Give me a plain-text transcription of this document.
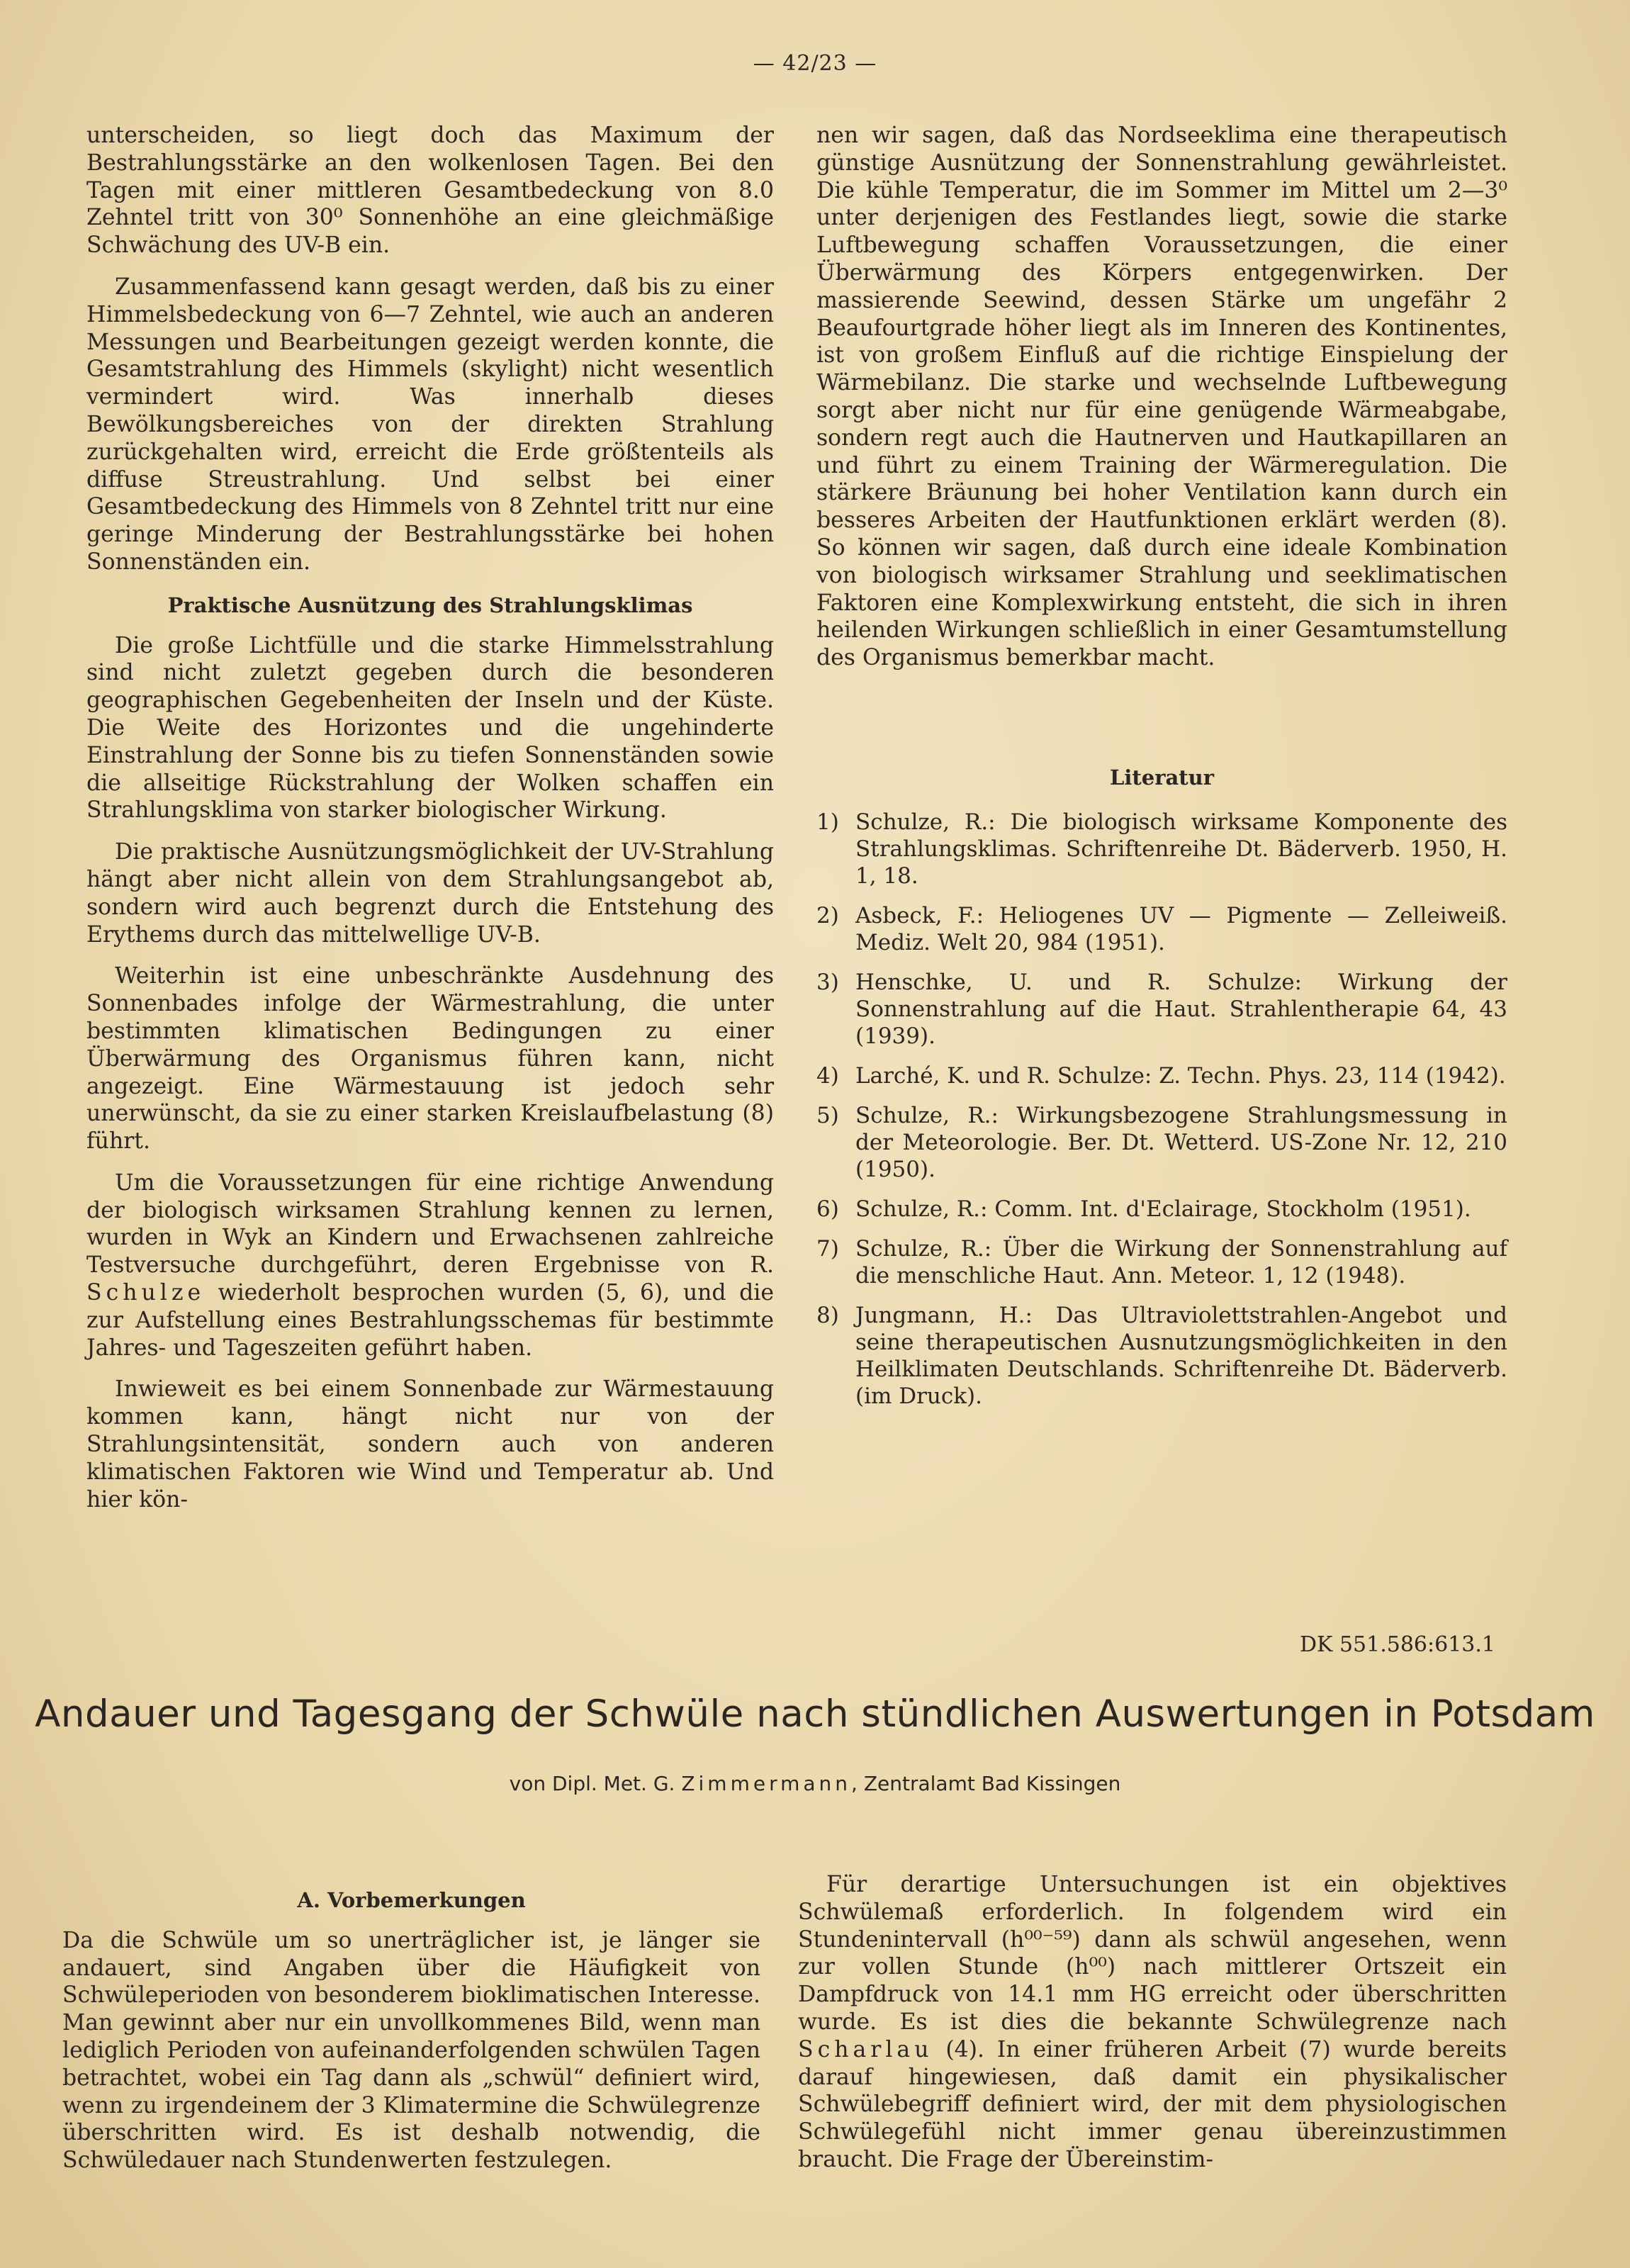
— 42/23 —

unterscheiden, so liegt doch das Maximum der Bestrahlungsstärke an den wolkenlosen Tagen. Bei den Tagen mit einer mittleren Gesamtbedeckung von 8.0 Zehntel tritt von 30⁰ Sonnenhöhe an eine gleichmäßige Schwächung des UV-B ein.

Zusammenfassend kann gesagt werden, daß bis zu einer Himmelsbedeckung von 6—7 Zehntel, wie auch an anderen Messungen und Bearbeitungen gezeigt werden konnte, die Gesamtstrahlung des Himmels (skylight) nicht wesentlich vermindert wird. Was innerhalb dieses Bewölkungsbereiches von der direkten Strahlung zurückgehalten wird, erreicht die Erde größtenteils als diffuse Streustrahlung. Und selbst bei einer Gesamtbedeckung des Himmels von 8 Zehntel tritt nur eine geringe Minderung der Bestrahlungsstärke bei hohen Sonnenständen ein.

Praktische Ausnützung des Strahlungsklimas

Die große Lichtfülle und die starke Himmelsstrahlung sind nicht zuletzt gegeben durch die besonderen geographischen Gegebenheiten der Inseln und der Küste. Die Weite des Horizontes und die ungehinderte Einstrahlung der Sonne bis zu tiefen Sonnenständen sowie die allseitige Rückstrahlung der Wolken schaffen ein Strahlungsklima von starker biologischer Wirkung.

Die praktische Ausnützungsmöglichkeit der UV-Strahlung hängt aber nicht allein von dem Strahlungsangebot ab, sondern wird auch begrenzt durch die Entstehung des Erythems durch das mittelwellige UV-B.

Weiterhin ist eine unbeschränkte Ausdehnung des Sonnenbades infolge der Wärmestrahlung, die unter bestimmten klimatischen Bedingungen zu einer Überwärmung des Organismus führen kann, nicht angezeigt. Eine Wärmestauung ist jedoch sehr unerwünscht, da sie zu einer starken Kreislaufbelastung (8) führt.

Um die Voraussetzungen für eine richtige Anwendung der biologisch wirksamen Strahlung kennen zu lernen, wurden in Wyk an Kindern und Erwachsenen zahlreiche Testversuche durchgeführt, deren Ergebnisse von R. Schulze wiederholt besprochen wurden (5, 6), und die zur Aufstellung eines Bestrahlungsschemas für bestimmte Jahres- und Tageszeiten geführt haben.

Inwieweit es bei einem Sonnenbade zur Wärmestauung kommen kann, hängt nicht nur von der Strahlungsintensität, sondern auch von anderen klimatischen Faktoren wie Wind und Temperatur ab. Und hier kön-

nen wir sagen, daß das Nordseeklima eine therapeutisch günstige Ausnützung der Sonnenstrahlung gewährleistet. Die kühle Temperatur, die im Sommer im Mittel um 2—3⁰ unter derjenigen des Festlandes liegt, sowie die starke Luftbewegung schaffen Voraussetzungen, die einer Überwärmung des Körpers entgegenwirken. Der massierende Seewind, dessen Stärke um ungefähr 2 Beaufourtgrade höher liegt als im Inneren des Kontinentes, ist von großem Einfluß auf die richtige Einspielung der Wärmebilanz. Die starke und wechselnde Luftbewegung sorgt aber nicht nur für eine genügende Wärmeabgabe, sondern regt auch die Hautnerven und Hautkapillaren an und führt zu einem Training der Wärmeregulation. Die stärkere Bräunung bei hoher Ventilation kann durch ein besseres Arbeiten der Hautfunktionen erklärt werden (8). So können wir sagen, daß durch eine ideale Kombination von biologisch wirksamer Strahlung und seeklimatischen Faktoren eine Komplexwirkung entsteht, die sich in ihren heilenden Wirkungen schließlich in einer Gesamtumstellung des Organismus bemerkbar macht.

Literatur
1) Schulze, R.: Die biologisch wirksame Komponente des Strahlungsklimas. Schriftenreihe Dt. Bäderverb. 1950, H. 1, 18.
2) Asbeck, F.: Heliogenes UV — Pigmente — Zelleiweiß. Mediz. Welt 20, 984 (1951).
3) Henschke, U. und R. Schulze: Wirkung der Sonnenstrahlung auf die Haut. Strahlentherapie 64, 43 (1939).
4) Larché, K. und R. Schulze: Z. Techn. Phys. 23, 114 (1942).
5) Schulze, R.: Wirkungsbezogene Strahlungsmessung in der Meteorologie. Ber. Dt. Wetterd. US-Zone Nr. 12, 210 (1950).
6) Schulze, R.: Comm. Int. d'Eclairage, Stockholm (1951).
7) Schulze, R.: Über die Wirkung der Sonnenstrahlung auf die menschliche Haut. Ann. Meteor. 1, 12 (1948).
8) Jungmann, H.: Das Ultraviolettstrahlen-Angebot und seine therapeutischen Ausnutzungsmöglichkeiten in den Heilklimaten Deutschlands. Schriftenreihe Dt. Bäderverb. (im Druck).
DK 551.586:613.1
Andauer und Tagesgang der Schwüle nach stündlichen Auswertungen in Potsdam
von Dipl. Met. G. Zimmermann, Zentralamt Bad Kissingen
A. Vorbemerkungen

Da die Schwüle um so unerträglicher ist, je länger sie andauert, sind Angaben über die Häufigkeit von Schwüleperioden von besonderem bioklimatischen Interesse. Man gewinnt aber nur ein unvollkommenes Bild, wenn man lediglich Perioden von aufeinanderfolgenden schwülen Tagen betrachtet, wobei ein Tag dann als „schwül“ definiert wird, wenn zu irgendeinem der 3 Klimatermine die Schwülegrenze überschritten wird. Es ist deshalb notwendig, die Schwüledauer nach Stundenwerten festzulegen.

Für derartige Untersuchungen ist ein objektives Schwülemaß erforderlich. In folgendem wird ein Stundenintervall (h⁰⁰⁻⁵⁹) dann als schwül angesehen, wenn zur vollen Stunde (h⁰⁰) nach mittlerer Ortszeit ein Dampfdruck von 14.1 mm HG erreicht oder überschritten wurde. Es ist dies die bekannte Schwülegrenze nach Scharlau (4). In einer früheren Arbeit (7) wurde bereits darauf hingewiesen, daß damit ein physikalischer Schwülebegriff definiert wird, der mit dem physiologischen Schwülegefühl nicht immer genau übereinzustimmen braucht. Die Frage der Übereinstim-
